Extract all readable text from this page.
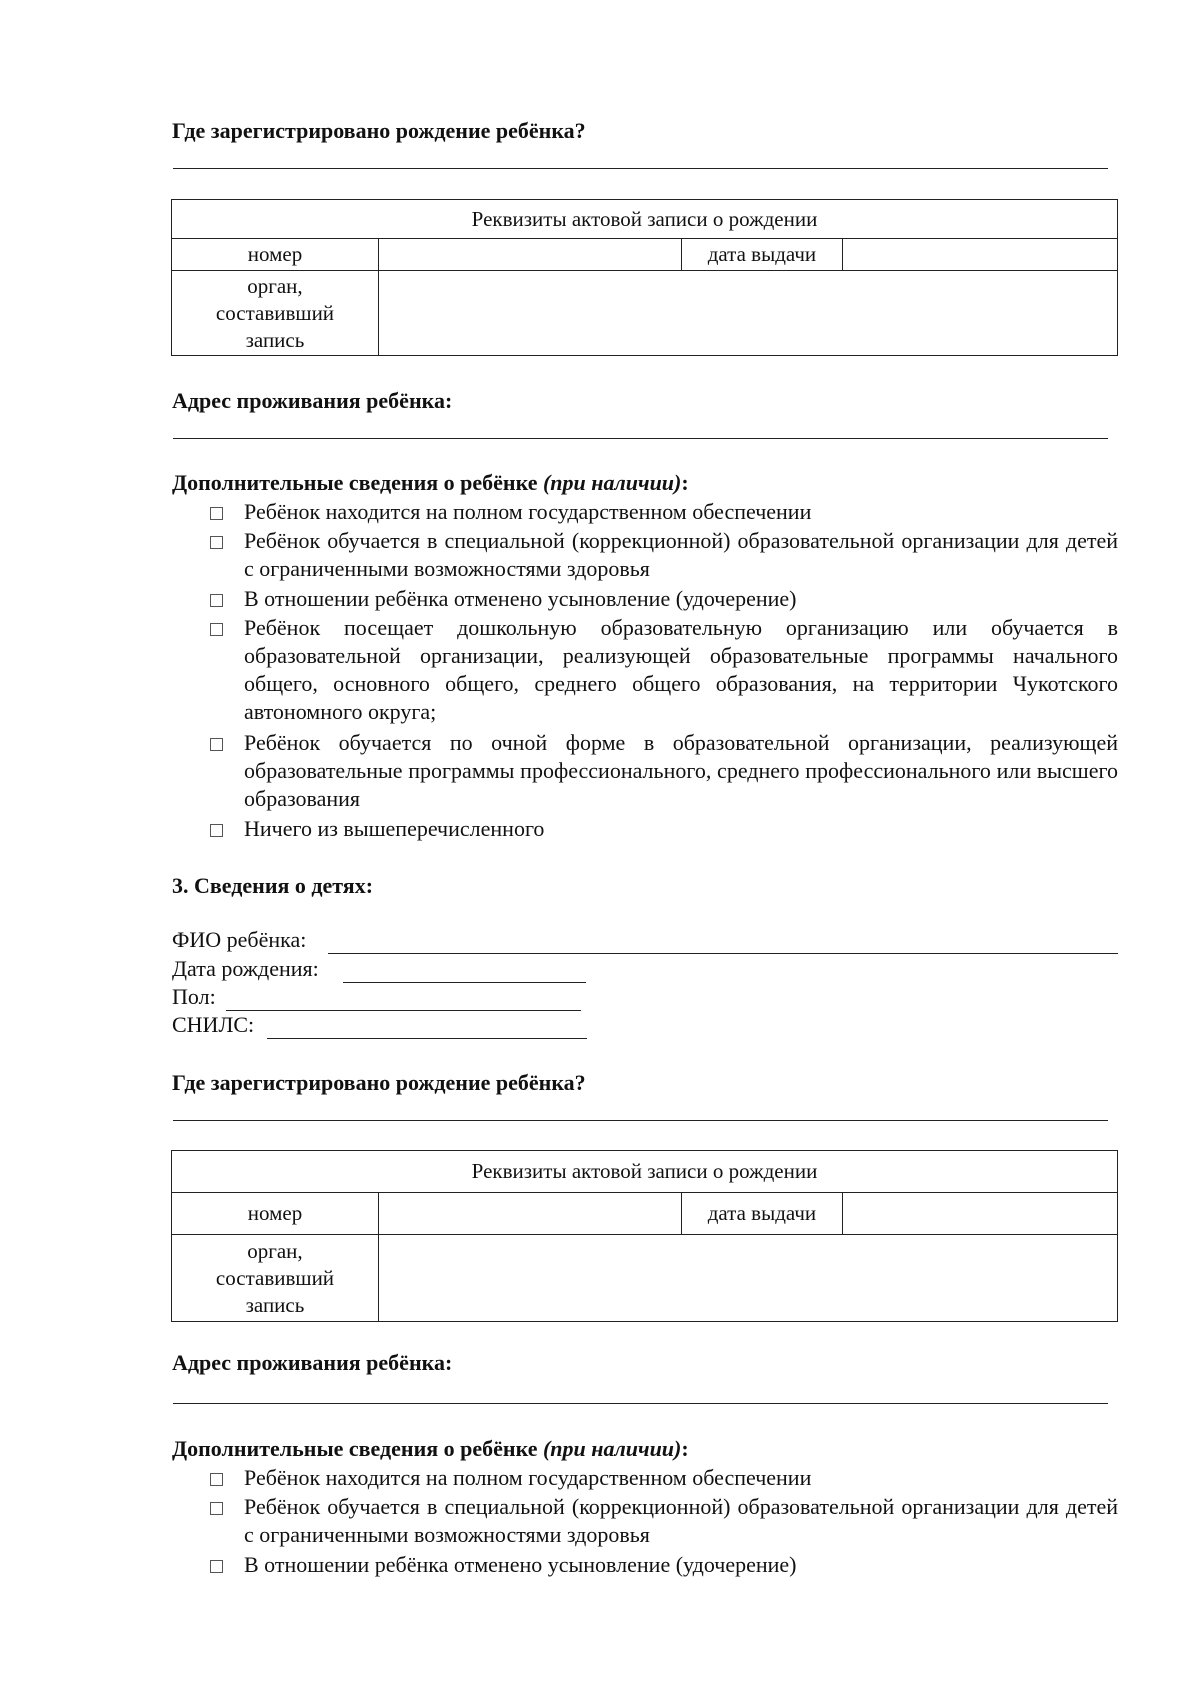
Где зарегистрировано рождение ребёнка?
Реквизиты актовой записи о рождении			
номер		дата выдачи	
орган, составивший запись			
Адрес проживания ребёнка:
Дополнительные сведения о ребёнке (при наличии):
Ребёнок находится на полном государственном обеспечении
Ребёнок обучается в специальной (коррекционной) образовательной организации для детей с ограниченными возможностями здоровья
В отношении ребёнка отменено усыновление (удочерение)
Ребёнок посещает дошкольную образовательную организацию или обучается в образовательной организации, реализующей образовательные программы начального общего, основного общего, среднего общего образования, на территории Чукотского автономного округа;
Ребёнок обучается по очной форме в образовательной организации, реализующей образовательные программы профессионального, среднего профессионального или высшего образования
Ничего из вышеперечисленного
3. Сведения о детях:
ФИО ребёнка:
Дата рождения:
Пол:
СНИЛС:
Где зарегистрировано рождение ребёнка?
Реквизиты актовой записи о рождении			
номер		дата выдачи	
орган, составивший запись			
Адрес проживания ребёнка:
Дополнительные сведения о ребёнке (при наличии):
Ребёнок находится на полном государственном обеспечении
Ребёнок обучается в специальной (коррекционной) образовательной организации для детей с ограниченными возможностями здоровья
В отношении ребёнка отменено усыновление (удочерение)
